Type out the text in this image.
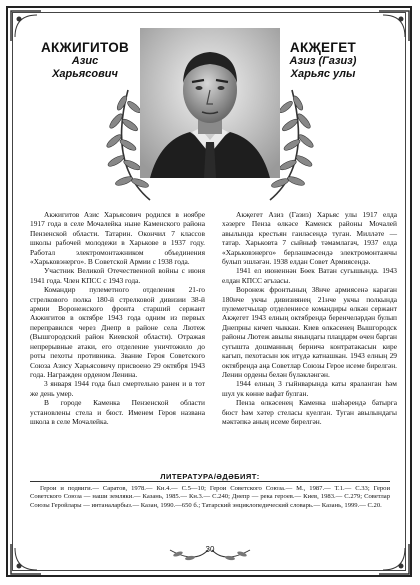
АКЖИГИТОВ
Азис
Харьясович
АКҖЕГЕТ
Азиз (Газиз)
Харьяс улы

Акжигитов Азис Харьясович родился в ноябре 1917 года в селе Мочалейка ныне Каменского района Пензенской области. Татарин. Окончил 7 классов школы рабочей молодежи в Харькове в 1937 году. Работал электромонтажником объединения «Харьковэнерго». В Советской Армии с 1938 года.

Участник Великой Отечественной войны с июня 1941 года. Член КПСС с 1943 года.

Командир пулеметного отделения 21-го стрелкового полка 180-й стрелковой дивизии 38-й армии Воронежского фронта старший сержант Акжигитов в октябре 1943 года одним из первых переправился через Днепр в районе села Лютеж (Вышгородский район Киевской области). Отражая непрерывные атаки, его отделение уничтожило до роты пехоты противника. Звание Героя Советского Союза Азису Харьясовичу присвоено 29 октября 1943 года. Награжден орденом Ленина.

3 января 1944 года был смертельно ранен и в тот же день умер.

В городе Каменка Пензенской области установлены стела и бюст. Именем Героя названа школа в селе Мочалейка.

Акҗегет Азиз (Газиз) Харьяс улы 1917 елда хәзерге Пенза өлкәсе Каменск районы Мочалей авылында крестьян гаиләсендә туган. Милләте — татар. Харьковта 7 сыйныф тәмамлагач, 1937 елда «Харьковэнерго» берләшмәсендә электромонтажчы булып эшләгән. 1938 елдан Совет Армиясендә.

1941 ел июненнән Бөек Ватан сугышында. 1943 елдан КПСС әгъзасы.

Воронеж фронтының 38нче армиясенә караган 180нче укчы дивизиянең 21нче укчы полкында пулеметчылар отделениесе командиры өлкән сержант Акҗегет 1943 елның октябрендә беренчеләрдән булып Днепрны кичеп чыккан. Киев өлкәсенең Вышгородск районы Лютеж авылы янындагы плацдарм өчен барган сугышта дошманның берничә контратакасын кире кагып, пехотасын юк итүдә катнашкан. 1943 елның 29 октябрендә аңа Советлар Союзы Герое исеме бирелгән. Ленин ордены белән бүләкләнгән.

1944 елның 3 гыйнварында каты яраланган һәм шул ук көнне вафат булган.

Пенза өлкәсенең Каменка шәһәрендә батырга бюст һәм хәтер стеласы куелган. Туган авылындагы мәктәпкә аның исеме бирелгән.

ЛИТЕРАТУРА/ӘДӘБИЯТ:

Герои и подвиги.— Саратов, 1978.— Кн.4.— С.5—10; Герои Советского Союза.— М., 1987.— Т.1.— С.33; Герои Советского Союза — наши земляки.— Казань, 1985.— Кн.3.— С.240; Днепр — река героев.— Киев, 1983.— С.279; Советлар Союзы Геройлары — интаналарбыз.— Казан, 1990.—650 б.; Татарский энциклопедический словарь.— Казань, 1999.— С.20.

30
